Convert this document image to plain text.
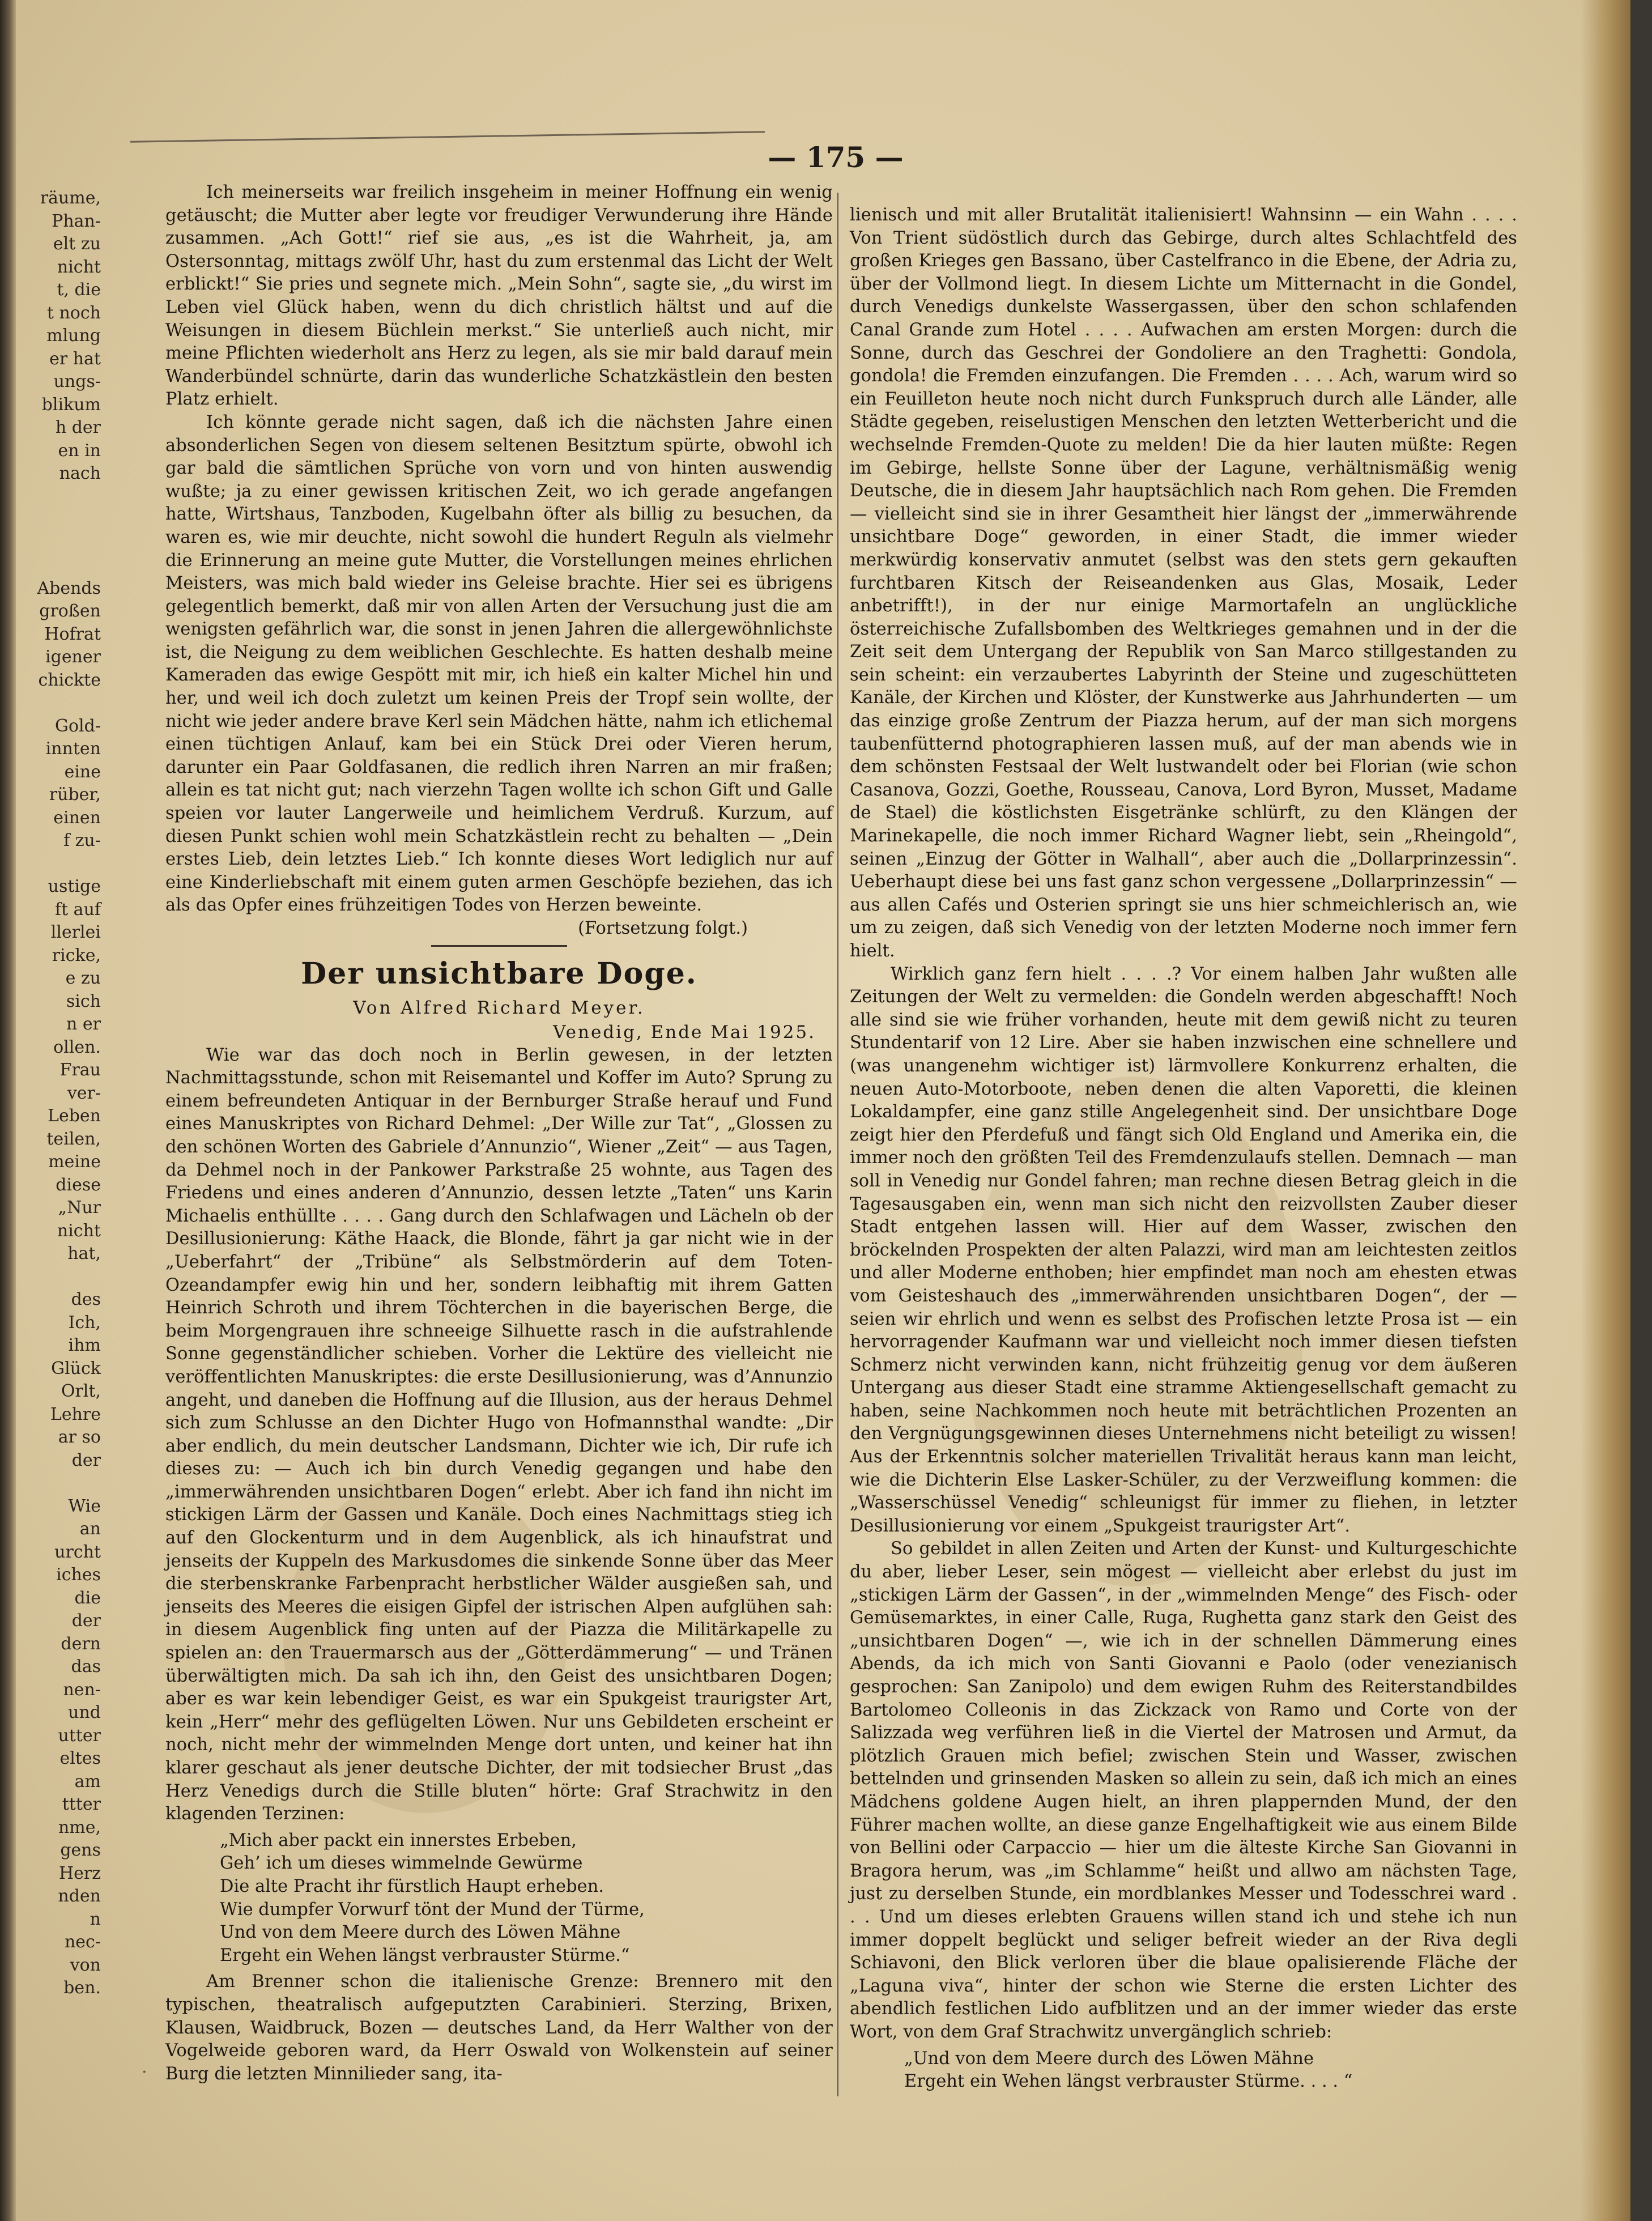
räume,
Phan-
elt zu
nicht
t, die
t noch
mlung
er hat
ungs-
blikum
h der
en in
nach
Abends
großen
Hofrat
igener
chickte
Gold-
innten
eine
rüber,
einen
f zu-
ustige
ft auf
llerlei
ricke,
e zu
sich
n er
ollen.
Frau
ver-
Leben
teilen,
meine
diese
„Nur
nicht
hat,
des
Ich,
ihm
Glück
Orlt,
Lehre
ar so
der
Wie
an
urcht
iches
die
der
dern
das
nen-
und
utter
eltes
am
ttter
nme,
gens
Herz
nden
n
nec-
von
ben.
— 175 —

Ich meinerseits war freilich insgeheim in meiner Hoffnung ein wenig getäuscht; die Mutter aber legte vor freudiger Verwunderung ihre Hände zusammen. „Ach Gott!“ rief sie aus, „es ist die Wahrheit, ja, am Ostersonntag, mittags zwölf Uhr, hast du zum erstenmal das Licht der Welt erblickt!“ Sie pries und segnete mich. „Mein Sohn“, sagte sie, „du wirst im Leben viel Glück haben, wenn du dich christlich hältst und auf die Weisungen in diesem Büchlein merkst.“ Sie unterließ auch nicht, mir meine Pflichten wiederholt ans Herz zu legen, als sie mir bald darauf mein Wanderbündel schnürte, darin das wunderliche Schatzkästlein den besten Platz erhielt.

Ich könnte gerade nicht sagen, daß ich die nächsten Jahre einen absonderlichen Segen von diesem seltenen Besitztum spürte, obwohl ich gar bald die sämtlichen Sprüche von vorn und von hinten auswendig wußte; ja zu einer gewissen kritischen Zeit, wo ich gerade angefangen hatte, Wirtshaus, Tanzboden, Kugelbahn öfter als billig zu besuchen, da waren es, wie mir deuchte, nicht sowohl die hundert Reguln als vielmehr die Erinnerung an meine gute Mutter, die Vorstellungen meines ehrlichen Meisters, was mich bald wieder ins Geleise brachte. Hier sei es übrigens gelegentlich bemerkt, daß mir von allen Arten der Versuchung just die am wenigsten gefährlich war, die sonst in jenen Jahren die allergewöhnlichste ist, die Neigung zu dem weiblichen Geschlechte. Es hatten deshalb meine Kameraden das ewige Gespött mit mir, ich hieß ein kalter Michel hin und her, und weil ich doch zuletzt um keinen Preis der Tropf sein wollte, der nicht wie jeder andere brave Kerl sein Mädchen hätte, nahm ich etlichemal einen tüchtigen Anlauf, kam bei ein Stück Drei oder Vieren herum, darunter ein Paar Goldfasanen, die redlich ihren Narren an mir fraßen; allein es tat nicht gut; nach vierzehn Tagen wollte ich schon Gift und Galle speien vor lauter Langerweile und heimlichem Verdruß. Kurzum, auf diesen Punkt schien wohl mein Schatzkästlein recht zu behalten — „Dein erstes Lieb, dein letztes Lieb.“ Ich konnte dieses Wort lediglich nur auf eine Kinderliebschaft mit einem guten armen Geschöpfe beziehen, das ich als das Opfer eines frühzeitigen Todes von Herzen beweinte.

(Fortsetzung folgt.)

Der unsichtbare Doge.

Von Alfred Richard Meyer.

Venedig, Ende Mai 1925.

Wie war das doch noch in Berlin gewesen, in der letzten Nachmittagsstunde, schon mit Reisemantel und Koffer im Auto? Sprung zu einem befreundeten Antiquar in der Bernburger Straße herauf und Fund eines Manuskriptes von Richard Dehmel: „Der Wille zur Tat“, „Glossen zu den schönen Worten des Gabriele d’Annunzio“, Wiener „Zeit“ — aus Tagen, da Dehmel noch in der Pankower Parkstraße 25 wohnte, aus Tagen des Friedens und eines anderen d’Annunzio, dessen letzte „Taten“ uns Karin Michaelis enthüllte . . . . Gang durch den Schlafwagen und Lächeln ob der Desillusionierung: Käthe Haack, die Blonde, fährt ja gar nicht wie in der „Ueberfahrt“ der „Tribüne“ als Selbstmörderin auf dem Toten-Ozeandampfer ewig hin und her, sondern leibhaftig mit ihrem Gatten Heinrich Schroth und ihrem Töchterchen in die bayerischen Berge, die beim Morgengrauen ihre schneeige Silhuette rasch in die aufstrahlende Sonne gegenständlicher schieben. Vorher die Lektüre des vielleicht nie veröffentlichten Manuskriptes: die erste Desillusionierung, was d’Annunzio angeht, und daneben die Hoffnung auf die Illusion, aus der heraus Dehmel sich zum Schlusse an den Dichter Hugo von Hofmannsthal wandte: „Dir aber endlich, du mein deutscher Landsmann, Dichter wie ich, Dir rufe ich dieses zu: — Auch ich bin durch Venedig gegangen und habe den „immerwährenden unsichtbaren Dogen“ erlebt. Aber ich fand ihn nicht im stickigen Lärm der Gassen und Kanäle. Doch eines Nachmittags stieg ich auf den Glockenturm und in dem Augenblick, als ich hinaufstrat und jenseits der Kuppeln des Markusdomes die sinkende Sonne über das Meer die sterbenskranke Farbenpracht herbstlicher Wälder ausgießen sah, und jenseits des Meeres die eisigen Gipfel der istrischen Alpen aufglühen sah: in diesem Augenblick fing unten auf der Piazza die Militärkapelle zu spielen an: den Trauermarsch aus der „Götterdämmerung“ — und Tränen überwältigten mich. Da sah ich ihn, den Geist des unsichtbaren Dogen; aber es war kein lebendiger Geist, es war ein Spukgeist traurigster Art, kein „Herr“ mehr des geflügelten Löwen. Nur uns Gebildeten erscheint er noch, nicht mehr der wimmelnden Menge dort unten, und keiner hat ihn klarer geschaut als jener deutsche Dichter, der mit todsiecher Brust „das Herz Venedigs durch die Stille bluten“ hörte: Graf Strachwitz in den klagenden Terzinen:

„Mich aber packt ein innerstes Erbeben,

Geh’ ich um dieses wimmelnde Gewürme

Die alte Pracht ihr fürstlich Haupt erheben.

Wie dumpfer Vorwurf tönt der Mund der Türme,

Und von dem Meere durch des Löwen Mähne

Ergeht ein Wehen längst verbrauster Stürme.“

Am Brenner schon die italienische Grenze: Brennero mit den typischen, theatralisch aufgeputzten Carabinieri. Sterzing, Brixen, Klausen, Waidbruck, Bozen — deutsches Land, da Herr Walther von der Vogelweide geboren ward, da Herr Oswald von Wolkenstein auf seiner Burg die letzten Minnilieder sang, ita-

lienisch und mit aller Brutalität italienisiert! Wahnsinn — ein Wahn . . . . Von Trient südöstlich durch das Gebirge, durch altes Schlachtfeld des großen Krieges gen Bassano, über Castelfranco in die Ebene, der Adria zu, über der Vollmond liegt. In diesem Lichte um Mitternacht in die Gondel, durch Venedigs dunkelste Wassergassen, über den schon schlafenden Canal Grande zum Hotel . . . . Aufwachen am ersten Morgen: durch die Sonne, durch das Geschrei der Gondoliere an den Traghetti: Gondola, gondola! die Fremden einzufangen. Die Fremden . . . . Ach, warum wird so ein Feuilleton heute noch nicht durch Funkspruch durch alle Länder, alle Städte gegeben, reiselustigen Menschen den letzten Wetterbericht und die wechselnde Fremden-Quote zu melden! Die da hier lauten müßte: Regen im Gebirge, hellste Sonne über der Lagune, verhältnismäßig wenig Deutsche, die in diesem Jahr hauptsächlich nach Rom gehen. Die Fremden — vielleicht sind sie in ihrer Gesamtheit hier längst der „immerwährende unsichtbare Doge“ geworden, in einer Stadt, die immer wieder merkwürdig konservativ anmutet (selbst was den stets gern gekauften furchtbaren Kitsch der Reiseandenken aus Glas, Mosaik, Leder anbetrifft!), in der nur einige Marmortafeln an unglückliche österreichische Zufallsbomben des Weltkrieges gemahnen und in der die Zeit seit dem Untergang der Republik von San Marco stillgestanden zu sein scheint: ein verzaubertes Labyrinth der Steine und zugeschütteten Kanäle, der Kirchen und Klöster, der Kunstwerke aus Jahrhunderten — um das einzige große Zentrum der Piazza herum, auf der man sich morgens taubenfütternd photographieren lassen muß, auf der man abends wie in dem schönsten Festsaal der Welt lustwandelt oder bei Florian (wie schon Casanova, Gozzi, Goethe, Rousseau, Canova, Lord Byron, Musset, Madame de Stael) die köstlichsten Eisgetränke schlürft, zu den Klängen der Marinekapelle, die noch immer Richard Wagner liebt, sein „Rheingold“, seinen „Einzug der Götter in Walhall“, aber auch die „Dollarprinzessin“. Ueberhaupt diese bei uns fast ganz schon vergessene „Dollarprinzessin“ — aus allen Cafés und Osterien springt sie uns hier schmeichlerisch an, wie um zu zeigen, daß sich Venedig von der letzten Moderne noch immer fern hielt.

Wirklich ganz fern hielt . . . .? Vor einem halben Jahr wußten alle Zeitungen der Welt zu vermelden: die Gondeln werden abgeschafft! Noch alle sind sie wie früher vorhanden, heute mit dem gewiß nicht zu teuren Stundentarif von 12 Lire. Aber sie haben inzwischen eine schnellere und (was unangenehm wichtiger ist) lärmvollere Konkurrenz erhalten, die neuen Auto-Motorboote, neben denen die alten Vaporetti, die kleinen Lokaldampfer, eine ganz stille Angelegenheit sind. Der unsichtbare Doge zeigt hier den Pferdefuß und fängt sich Old England und Amerika ein, die immer noch den größten Teil des Fremdenzulaufs stellen. Demnach — man soll in Venedig nur Gondel fahren; man rechne diesen Betrag gleich in die Tagesausgaben ein, wenn man sich nicht den reizvollsten Zauber dieser Stadt entgehen lassen will. Hier auf dem Wasser, zwischen den bröckelnden Prospekten der alten Palazzi, wird man am leichtesten zeitlos und aller Moderne enthoben; hier empfindet man noch am ehesten etwas vom Geisteshauch des „immerwährenden unsichtbaren Dogen“, der — seien wir ehrlich und wenn es selbst des Profischen letzte Prosa ist — ein hervorragender Kaufmann war und vielleicht noch immer diesen tiefsten Schmerz nicht verwinden kann, nicht frühzeitig genug vor dem äußeren Untergang aus dieser Stadt eine stramme Aktiengesellschaft gemacht zu haben, seine Nachkommen noch heute mit beträchtlichen Prozenten an den Vergnügungsgewinnen dieses Unternehmens nicht beteiligt zu wissen! Aus der Erkenntnis solcher materiellen Trivalität heraus kann man leicht, wie die Dichterin Else Lasker-Schüler, zu der Verzweiflung kommen: die „Wasserschüssel Venedig“ schleunigst für immer zu fliehen, in letzter Desillusionierung vor einem „Spukgeist traurigster Art“.

So gebildet in allen Zeiten und Arten der Kunst- und Kulturgeschichte du aber, lieber Leser, sein mögest — vielleicht aber erlebst du just im „stickigen Lärm der Gassen“, in der „wimmelnden Menge“ des Fisch- oder Gemüsemarktes, in einer Calle, Ruga, Rughetta ganz stark den Geist des „unsichtbaren Dogen“ —, wie ich in der schnellen Dämmerung eines Abends, da ich mich von Santi Giovanni e Paolo (oder venezianisch gesprochen: San Zanipolo) und dem ewigen Ruhm des Reiterstandbildes Bartolomeo Colleonis in das Zickzack von Ramo und Corte von der Salizzada weg verführen ließ in die Viertel der Matrosen und Armut, da plötzlich Grauen mich befiel; zwischen Stein und Wasser, zwischen bettelnden und grinsenden Masken so allein zu sein, daß ich mich an eines Mädchens goldene Augen hielt, an ihren plappernden Mund, der den Führer machen wollte, an diese ganze Engelhaftigkeit wie aus einem Bilde von Bellini oder Carpaccio — hier um die älteste Kirche San Giovanni in Bragora herum, was „im Schlamme“ heißt und allwo am nächsten Tage, just zu derselben Stunde, ein mordblankes Messer und Todesschrei ward . . . Und um dieses erlebten Grauens willen stand ich und stehe ich nun immer doppelt beglückt und seliger befreit wieder an der Riva degli Schiavoni, den Blick verloren über die blaue opalisierende Fläche der „Laguna viva“, hinter der schon wie Sterne die ersten Lichter des abendlich festlichen Lido aufblitzen und an der immer wieder das erste Wort, von dem Graf Strachwitz unvergänglich schrieb:

„Und von dem Meere durch des Löwen Mähne

Ergeht ein Wehen längst verbrauster Stürme. . . . “

·
